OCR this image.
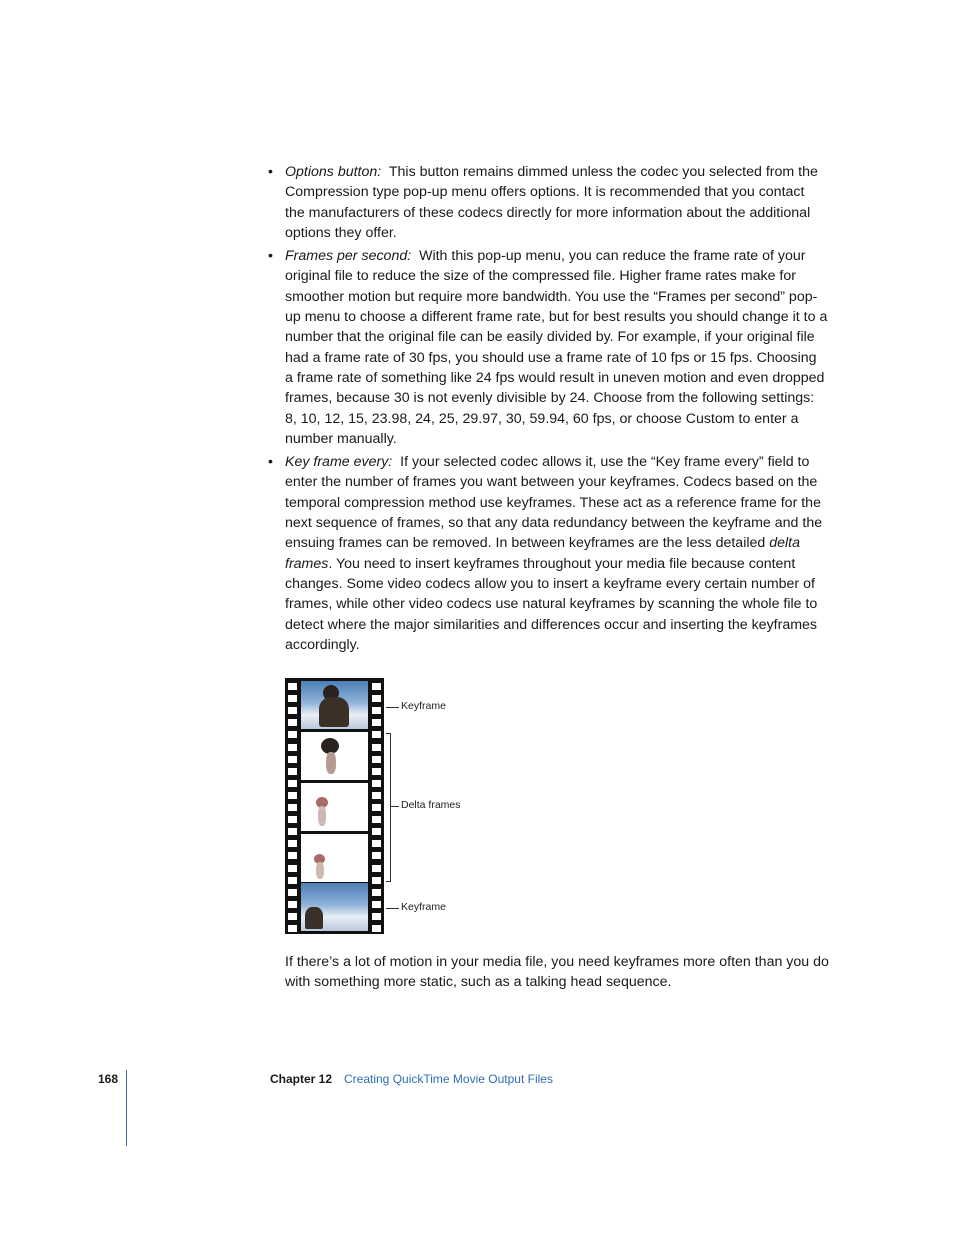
• Options button: This button remains dimmed unless the codec you selected from the Compression type pop-up menu offers options. It is recommended that you contact the manufacturers of these codecs directly for more information about the additional options they offer.
• Frames per second: With this pop-up menu, you can reduce the frame rate of your original file to reduce the size of the compressed file. Higher frame rates make for smoother motion but require more bandwidth. You use the “Frames per second” pop-up menu to choose a different frame rate, but for best results you should change it to a number that the original file can be easily divided by. For example, if your original file had a frame rate of 30 fps, you should use a frame rate of 10 fps or 15 fps. Choosing a frame rate of something like 24 fps would result in uneven motion and even dropped frames, because 30 is not evenly divisible by 24. Choose from the following settings: 8, 10, 12, 15, 23.98, 24, 25, 29.97, 30, 59.94, 60 fps, or choose Custom to enter a number manually.
• Key frame every: If your selected codec allows it, use the “Key frame every” field to enter the number of frames you want between your keyframes. Codecs based on the temporal compression method use keyframes. These act as a reference frame for the next sequence of frames, so that any data redundancy between the keyframe and the ensuing frames can be removed. In between keyframes are the less detailed delta frames. You need to insert keyframes throughout your media file because content changes. Some video codecs allow you to insert a keyframe every certain number of frames, while other video codecs use natural keyframes by scanning the whole file to detect where the major similarities and differences occur and inserting the keyframes accordingly.
Keyframe
Delta frames
Keyframe
If there’s a lot of motion in your media file, you need keyframes more often than you do with something more static, such as a talking head sequence.
168	Chapter 12 Creating QuickTime Movie Output Files
